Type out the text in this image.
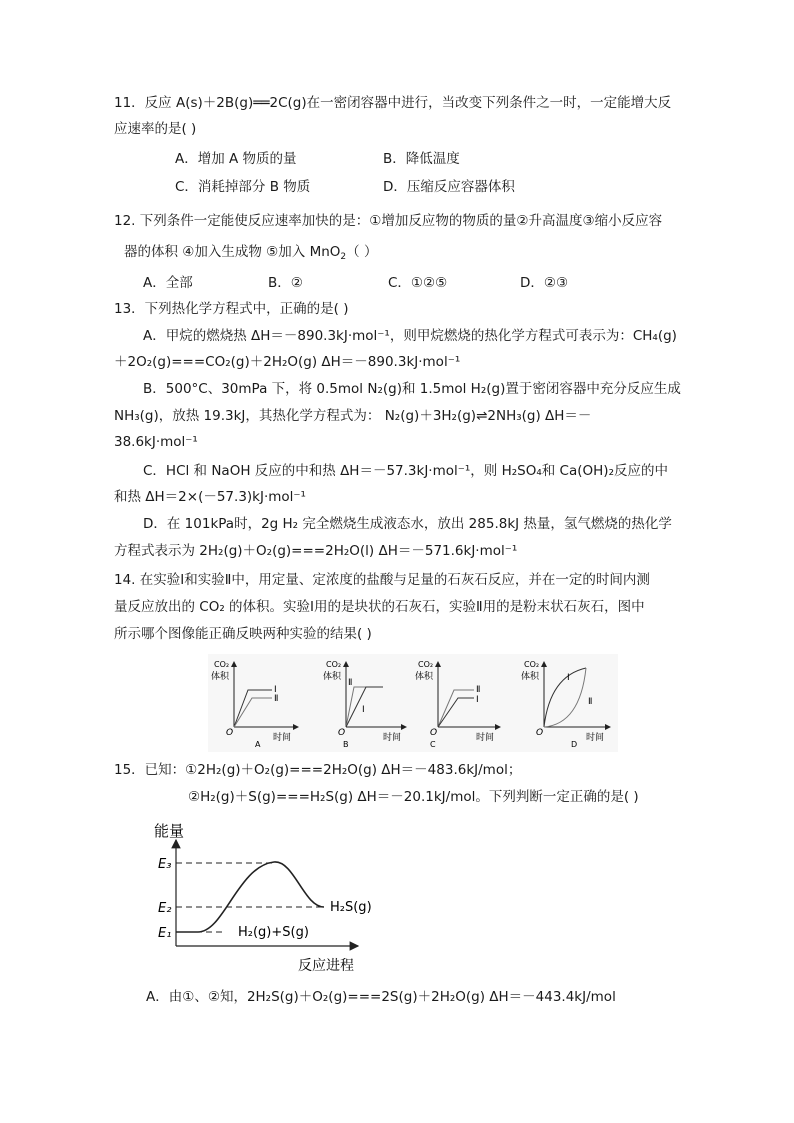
11．反应 A(s)＋2B(g)══2C(g)在一密闭容器中进行，当改变下列条件之一时，一定能增大反
应速率的是( )
A．增加 A 物质的量	B．降低温度
C．消耗掉部分 B 物质	D．压缩反应容器体积
12. 下列条件一定能使反应速率加快的是：①增加反应物的物质的量②升高温度③缩小反应容
器的体积 ④加入生成物 ⑤加入 MnO$_2$（ ）
A．全部	B．②	C．①②⑤	D．②③
13．下列热化学方程式中，正确的是( )
A．甲烷的燃烧热 ΔH＝－890.3kJ·mol⁻¹，则甲烷燃烧的热化学方程式可表示为：CH₄(g)
＋2O₂(g)===CO₂(g)＋2H₂O(g) ΔH＝－890.3kJ·mol⁻¹
B．500°C、30mPa 下，将 0.5mol N₂(g)和 1.5mol H₂(g)置于密闭容器中充分反应生成
NH₃(g)，放热 19.3kJ，其热化学方程式为： N₂(g)＋3H₂(g)⇌2NH₃(g) ΔH＝－
38.6kJ·mol⁻¹
C．HCl 和 NaOH 反应的中和热 ΔH＝－57.3kJ·mol⁻¹，则 H₂SO₄和 Ca(OH)₂反应的中
和热 ΔH＝2×(－57.3)kJ·mol⁻¹
D．在 101kPa时，2g H₂ 完全燃烧生成液态水，放出 285.8kJ 热量，氢气燃烧的热化学
方程式表示为 2H₂(g)＋O₂(g)===2H₂O(l) ΔH＝－571.6kJ·mol⁻¹
14. 在实验Ⅰ和实验Ⅱ中，用定量、定浓度的盐酸与足量的石灰石反应，并在一定的时间内测
量反应放出的 CO₂ 的体积。实验Ⅰ用的是块状的石灰石，实验Ⅱ用的是粉末状石灰石，图中
所示哪个图像能正确反映两种实验的结果( )
CO₂
体积
时间
O
Ⅰ
Ⅱ
A
CO₂
体积
时间
O
Ⅱ
Ⅰ
B
CO₂
体积
时间
O
Ⅱ
Ⅰ
C
CO₂
体积
时间
O
Ⅰ
Ⅱ
D
15．已知：①2H₂(g)＋O₂(g)===2H₂O(g) ΔH＝－483.6kJ/mol；
②H₂(g)＋S(g)===H₂S(g) ΔH＝－20.1kJ/mol。下列判断一定正确的是( )
能量
反应进程
E₃
E₂
E₁
H₂S(g)
H₂(g)+S(g)
A．由①、②知，2H₂S(g)＋O₂(g)===2S(g)＋2H₂O(g) ΔH＝－443.4kJ/mol
